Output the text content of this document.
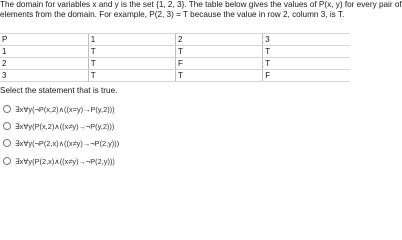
The domain for variables x and y is the set {1, 2, 3}. The table below gives the values of P(x, y) for every pair of
elements from the domain. For example, P(2, 3) = T because the value in row 2, column 3, is T.
P	1	2	3
1	T	T	T
2	T	F	T
3	T	T	F
Select the statement that is true.
∃x∀y(¬P(x,2)∧((x=y)→P(y,2)))
∃x∀y(P(x,2)∧((x≠y)→¬P(y,2)))
∃x∀y(¬P(2,x)∧((x≠y)→¬P(2,y)))
∃x∀y(P(2,x)∧((x≠y)→¬P(2,y)))
